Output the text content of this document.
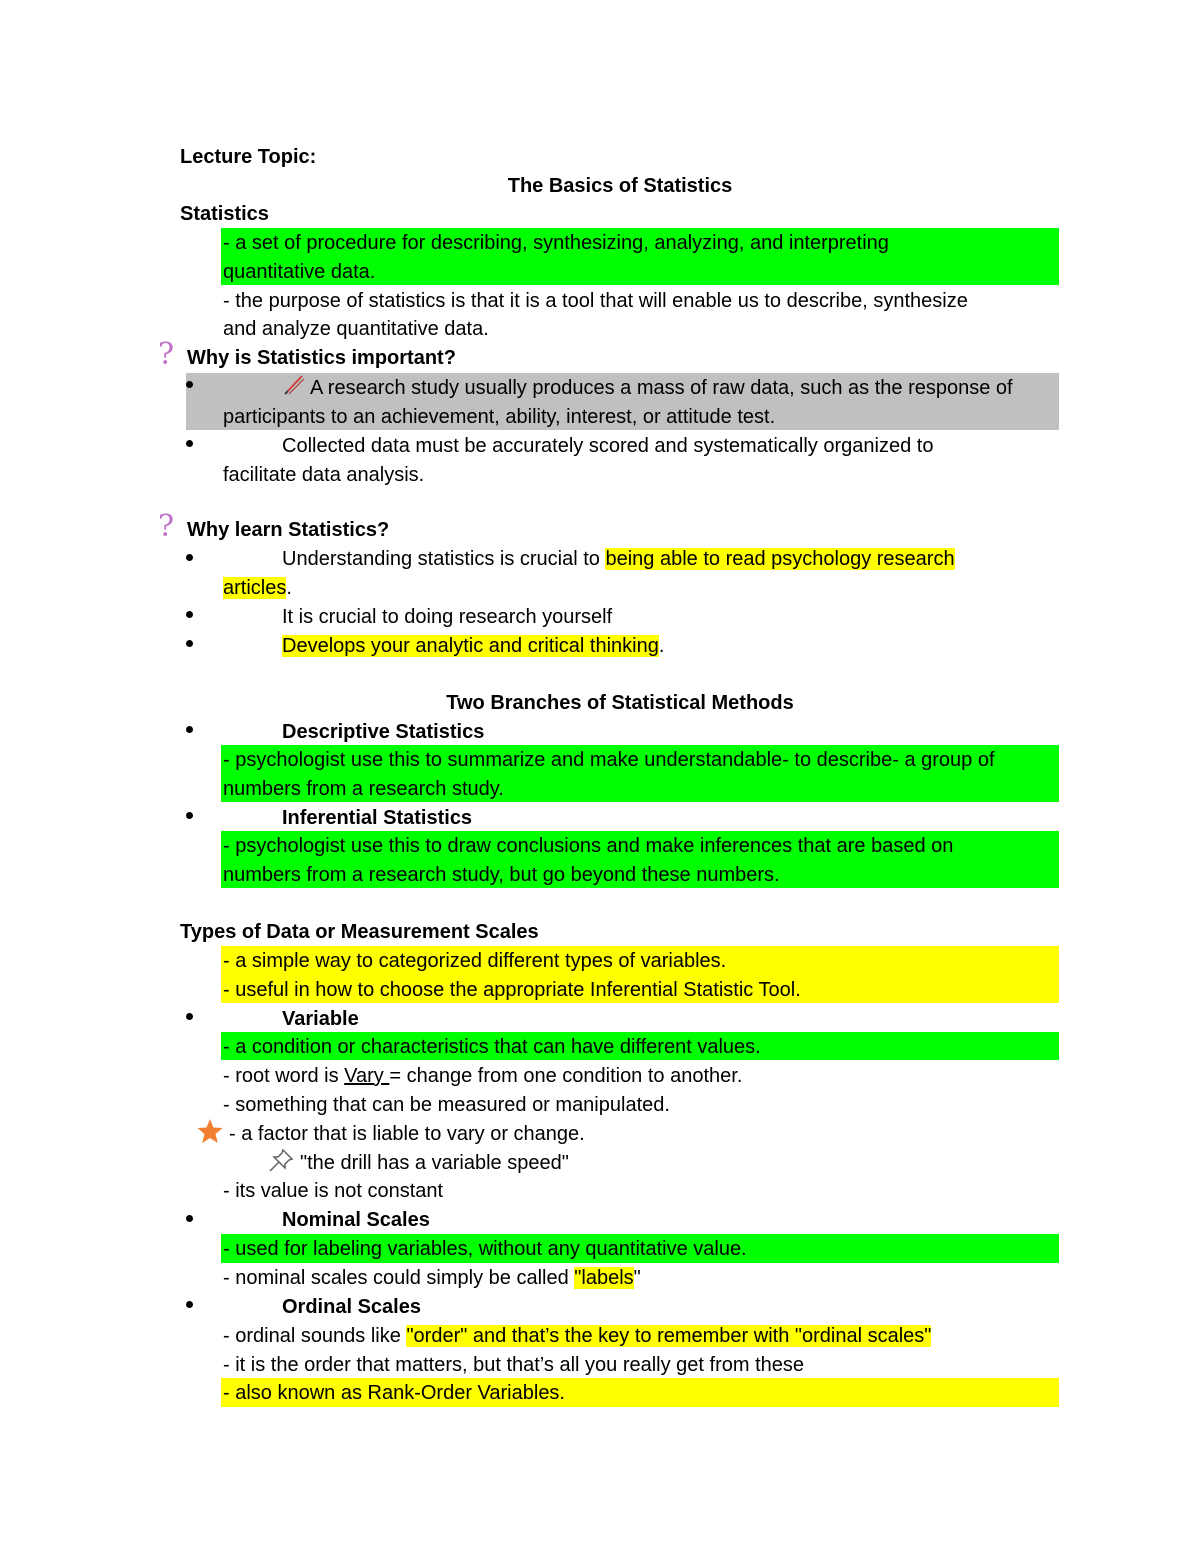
Lecture Topic:
The Basics of Statistics
Statistics
- a set of procedure for describing, synthesizing, analyzing, and interpreting
quantitative data.
- the purpose of statistics is that it is a tool that will enable us to describe, synthesize
and analyze quantitative data.
? Why is Statistics important?
A research study usually produces a mass of raw data, such as the response of
participants to an achievement, ability, interest, or attitude test.
Collected data must be accurately scored and systematically organized to
facilitate data analysis.
? Why learn Statistics?
Understanding statistics is crucial to being able to read psychology research
articles.
It is crucial to doing research yourself
Develops your analytic and critical thinking.
Two Branches of Statistical Methods
Descriptive Statistics
- psychologist use this to summarize and make understandable- to describe- a group of
numbers from a research study.
Inferential Statistics
- psychologist use this to draw conclusions and make inferences that are based on
numbers from a research study, but go beyond these numbers.
Types of Data or Measurement Scales
- a simple way to categorized different types of variables.
- useful in how to choose the appropriate Inferential Statistic Tool.
Variable
- a condition or characteristics that can have different values.
- root word is Vary = change from one condition to another.
- something that can be measured or manipulated.
- a factor that is liable to vary or change.
"the drill has a variable speed"
- its value is not constant
Nominal Scales
- used for labeling variables, without any quantitative value.
- nominal scales could simply be called "labels"
Ordinal Scales
- ordinal sounds like "order" and that’s the key to remember with "ordinal scales"
- it is the order that matters, but that’s all you really get from these
- also known as Rank-Order Variables.
